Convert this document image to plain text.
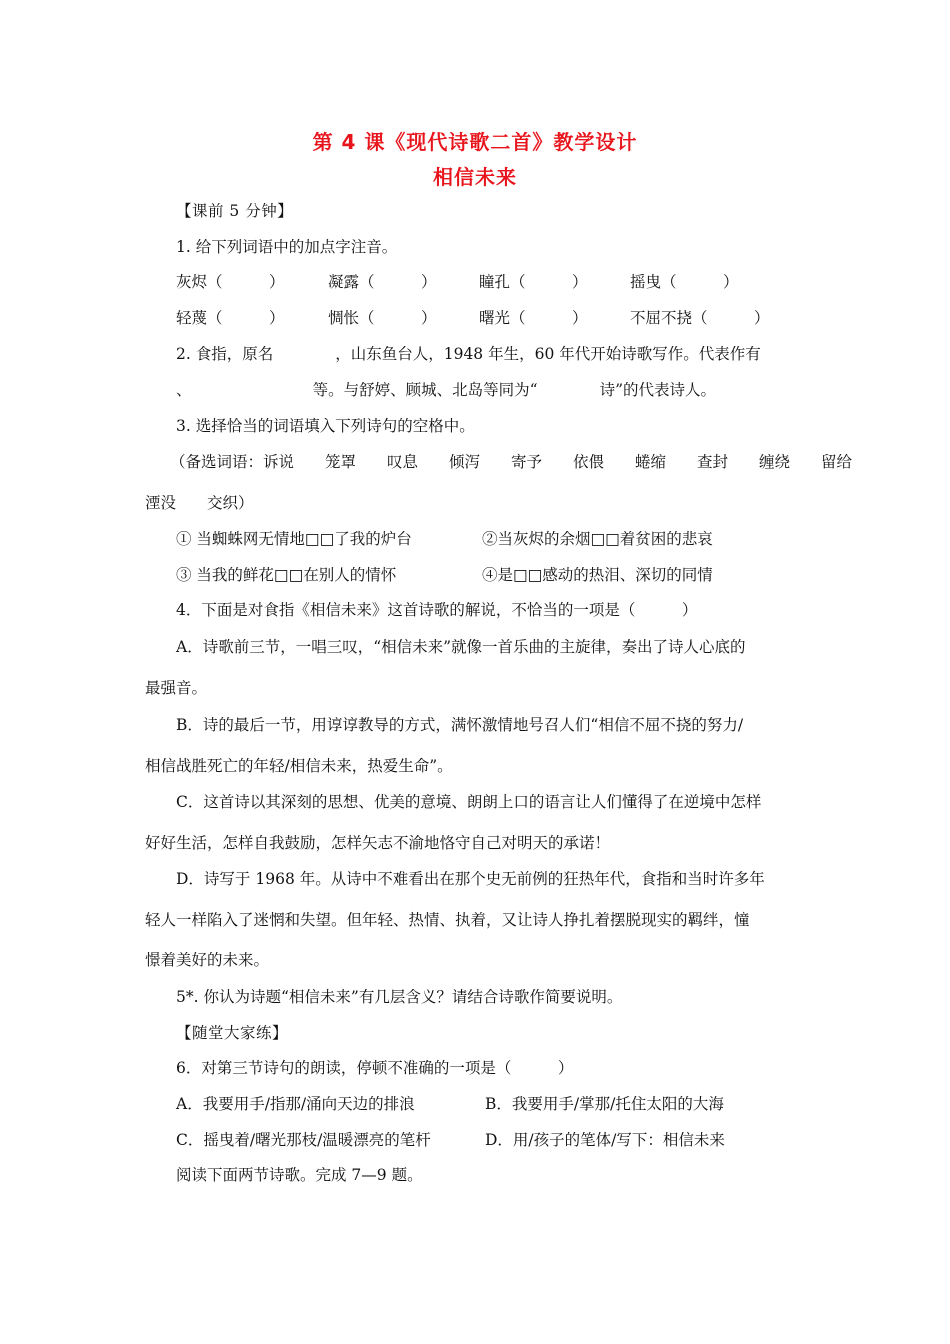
第 4 课《现代诗歌二首》教学设计
相信未来
【课前 5 分钟】
1. 给下列词语中的加点字注音。
灰烬（　　　）	凝露（　　　）	瞳孔（　　　）	摇曳（　　　）
轻蔑（　　　）	惆怅（　　　）	曙光（　　　）	不屈不挠（　　　）
2. 食指，原名　　　　，山东鱼台人，1948 年生，60 年代开始诗歌写作。代表作有
、　　　　　　　　 等。与舒婷、顾城、北岛等同为“　　　　诗”的代表诗人。
3. 选择恰当的词语填入下列诗句的空格中。
（备选词语：诉说　　笼罩　　叹息　　倾泻　　寄予　　依偎　　蜷缩　　查封　　缠绕　　留给
湮没　　交织）
① 当蜘蛛网无情地□□了我的炉台	②当灰烬的余烟□□着贫困的悲哀
③ 当我的鲜花□□在别人的情怀	④是□□感动的热泪、深切的同情
4．下面是对食指《相信未来》这首诗歌的解说，不恰当的一项是（　　　）
A．诗歌前三节，一唱三叹，“相信未来”就像一首乐曲的主旋律，奏出了诗人心底的
最强音。
B．诗的最后一节，用谆谆教导的方式，满怀激情地号召人们“相信不屈不挠的努力/
相信战胜死亡的年轻/相信未来，热爱生命”。
C．这首诗以其深刻的思想、优美的意境、朗朗上口的语言让人们懂得了在逆境中怎样
好好生活，怎样自我鼓励，怎样矢志不渝地恪守自己对明天的承诺！
D．诗写于 1968 年。从诗中不难看出在那个史无前例的狂热年代，食指和当时许多年
轻人一样陷入了迷惘和失望。但年轻、热情、执着，又让诗人挣扎着摆脱现实的羁绊，憧
憬着美好的未来。
5*. 你认为诗题“相信未来”有几层含义？请结合诗歌作简要说明。
【随堂大家练】
6．对第三节诗句的朗读，停顿不准确的一项是（　　　）
A．我要用手/指那/涌向天边的排浪	B．我要用手/掌那/托住太阳的大海
C．摇曳着/曙光那枝/温暖漂亮的笔杆	D．用/孩子的笔体/写下：相信未来
阅读下面两节诗歌。完成 7—9 题。
